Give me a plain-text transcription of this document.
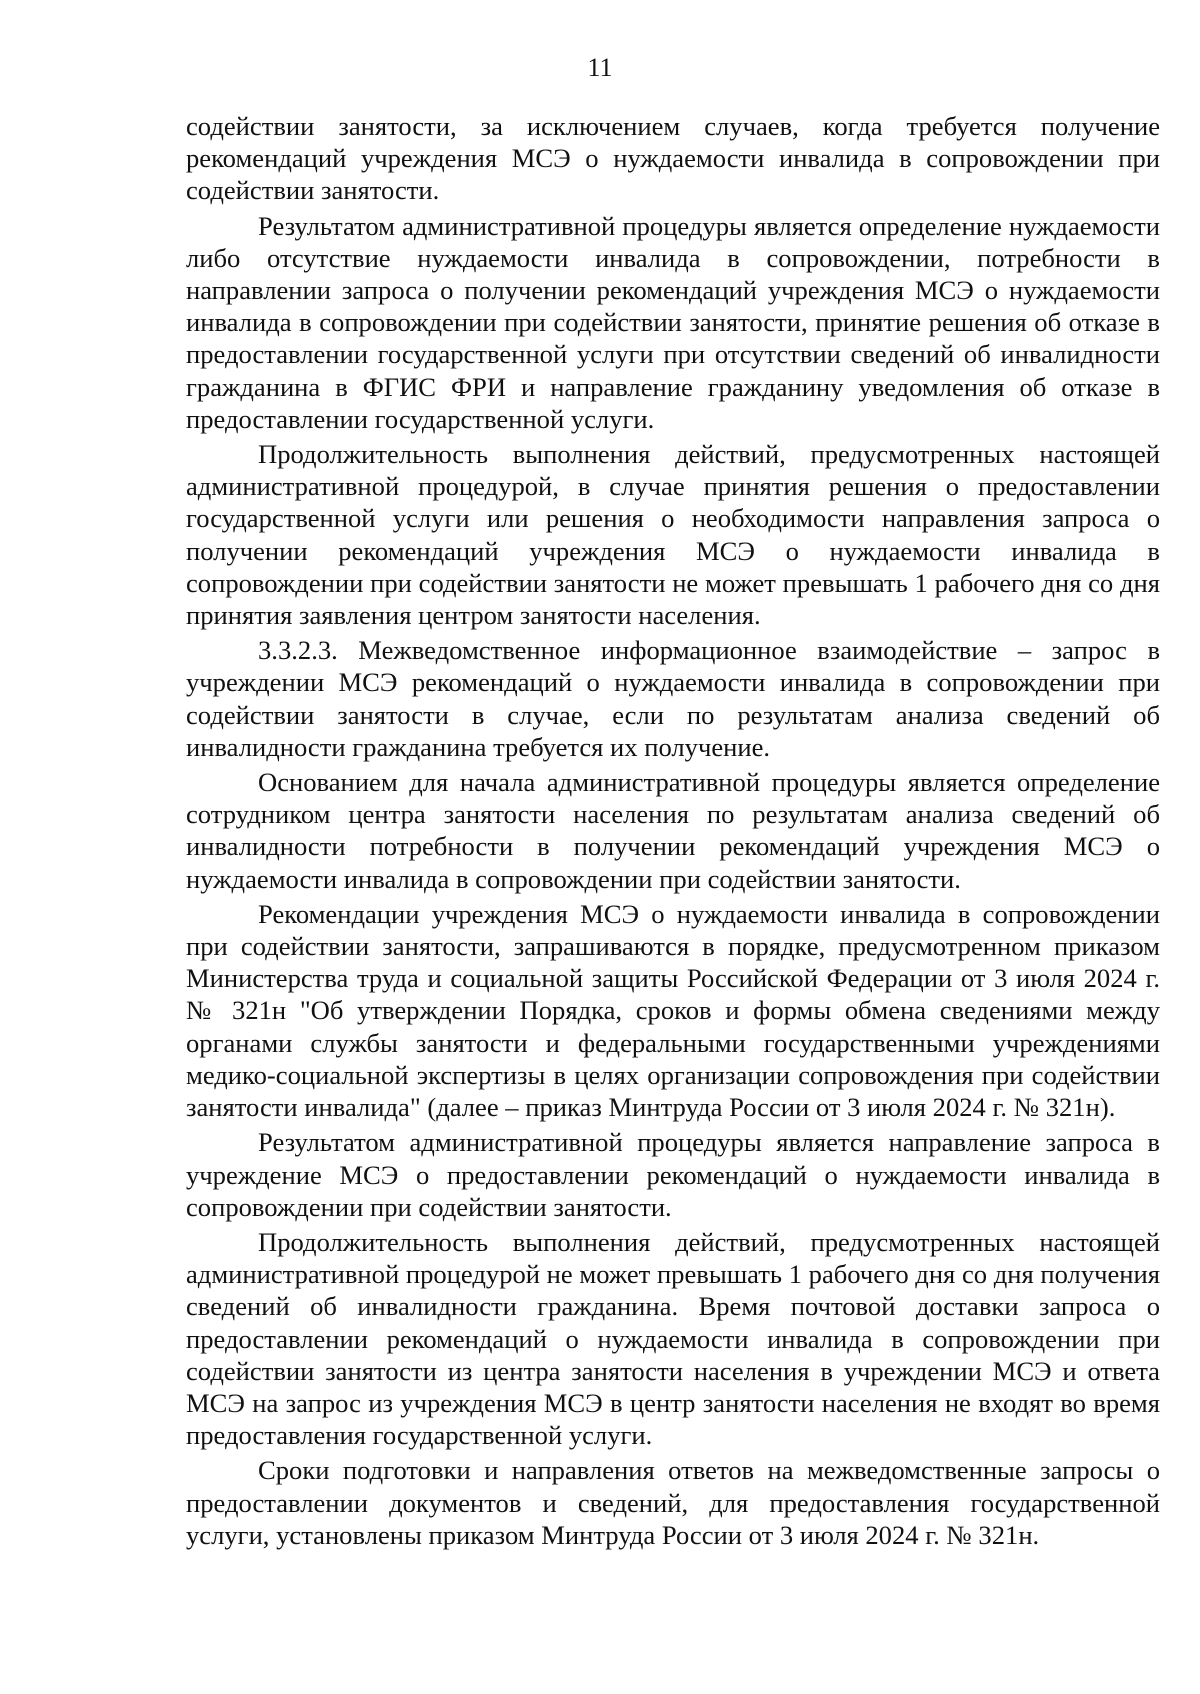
11

содействии занятости, за исключением случаев, когда требуется получение рекомендаций учреждения МСЭ о нуждаемости инвалида в сопровождении при содействии занятости.

Результатом административной процедуры является определение нуждаемости либо отсутствие нуждаемости инвалида в сопровождении, потребности в направлении запроса о получении рекомендаций учреждения МСЭ о нуждаемости инвалида в сопровождении при содействии занятости, принятие решения об отказе в предоставлении государственной услуги при отсутствии сведений об инвалидности гражданина в ФГИС ФРИ и направление гражданину уведомления об отказе в предоставлении государственной услуги.

Продолжительность выполнения действий, предусмотренных настоящей административной процедурой, в случае принятия решения о предоставлении государственной услуги или решения о необходимости направления запроса о получении рекомендаций учреждения МСЭ о нуждаемости инвалида в сопровождении при содействии занятости не может превышать 1 рабочего дня со дня принятия заявления центром занятости населения.

3.3.2.3. Межведомственное информационное взаимодействие – запрос в учреждении МСЭ рекомендаций о нуждаемости инвалида в сопровождении при содействии занятости в случае, если по результатам анализа сведений об инвалидности гражданина требуется их получение.

Основанием для начала административной процедуры является определение сотрудником центра занятости населения по результатам анализа сведений об инвалидности потребности в получении рекомендаций учреждения МСЭ о нуждаемости инвалида в сопровождении при содействии занятости.

Рекомендации учреждения МСЭ о нуждаемости инвалида в сопровождении при содействии занятости, запрашиваются в порядке, предусмотренном приказом Министерства труда и социальной защиты Российской Федерации от 3 июля 2024 г. № 321н "Об утверждении Порядка, сроков и формы обмена сведениями между органами службы занятости и федеральными государственными учреждениями медико-социальной экспертизы в целях организации сопровождения при содействии занятости инвалида" (далее – приказ Минтруда России от 3 июля 2024 г. № 321н).

Результатом административной процедуры является направление запроса в учреждение МСЭ о предоставлении рекомендаций о нуждаемости инвалида в сопровождении при содействии занятости.

Продолжительность выполнения действий, предусмотренных настоящей административной процедурой не может превышать 1 рабочего дня со дня получения сведений об инвалидности гражданина. Время почтовой доставки запроса о предоставлении рекомендаций о нуждаемости инвалида в сопровождении при содействии занятости из центра занятости населения в учреждении МСЭ и ответа МСЭ на запрос из учреждения МСЭ в центр занятости населения не входят во время предоставления государственной услуги.

Сроки подготовки и направления ответов на межведомственные запросы о предоставлении документов и сведений, для предоставления государственной услуги, установлены приказом Минтруда России от 3 июля 2024 г. № 321н.
